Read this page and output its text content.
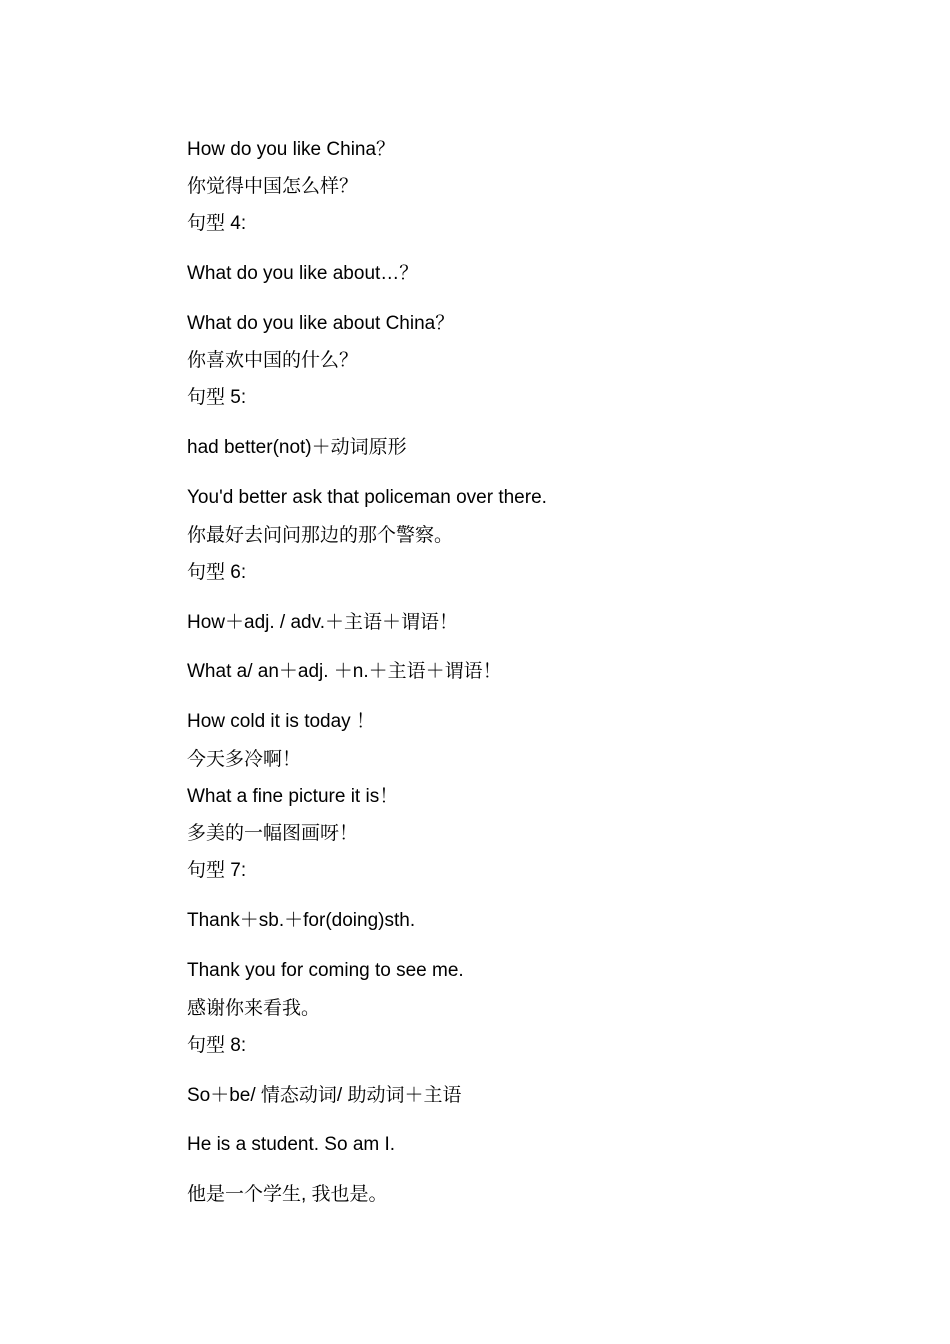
How do you like China？
你觉得中国怎么样？
句型 4:
What do you like about…？
What do you like about China？
你喜欢中国的什么？
句型 5:
had better(not)＋动词原形
You'd better ask that policeman over there.
你最好去问问那边的那个警察。
句型 6:
How＋adj. / adv.＋主语＋谓语！
What a/ an＋adj. ＋n.＋主语＋谓语！
How cold it is today ！
今天多冷啊！
What a fine picture it is！
多美的一幅图画呀！
句型 7:
Thank＋sb.＋for(doing)sth.
Thank you for coming to see me.
感谢你来看我。
句型 8:
So＋be/ 情态动词/ 助动词＋主语
He is a student. So am I.
他是一个学生, 我也是。
